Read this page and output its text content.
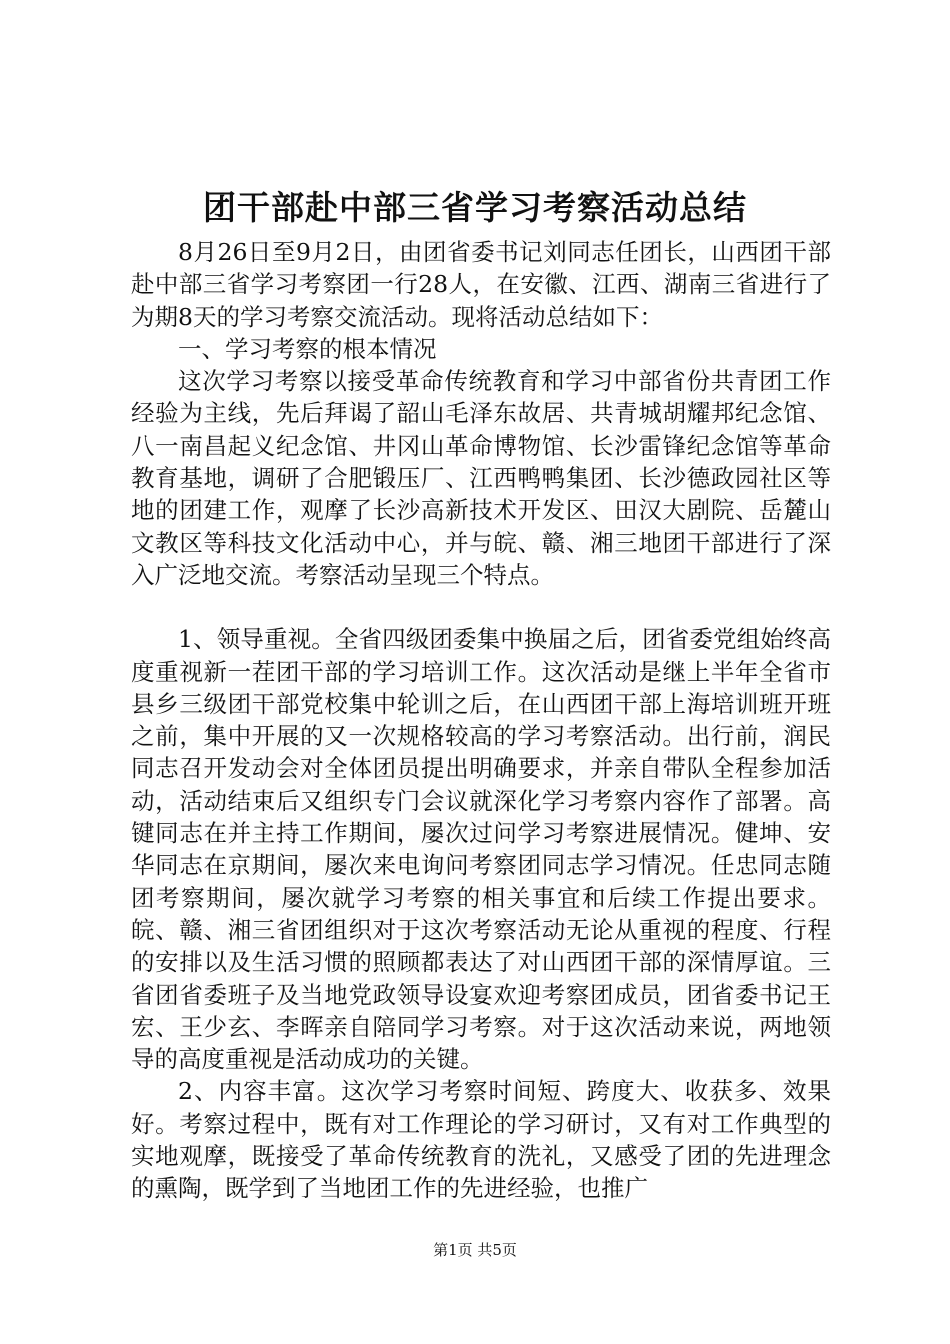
团干部赴中部三省学习考察活动总结

8月26日至9月2日，由团省委书记刘同志任团长，山西团干部赴中部三省学习考察团一行28人，在安徽、江西、湖南三省进行了为期8天的学习考察交流活动。现将活动总结如下：

一、学习考察的根本情况

这次学习考察以接受革命传统教育和学习中部省份共青团工作经验为主线，先后拜谒了韶山毛泽东故居、共青城胡耀邦纪念馆、八一南昌起义纪念馆、井冈山革命博物馆、长沙雷锋纪念馆等革命教育基地，调研了合肥锻压厂、江西鸭鸭集团、长沙德政园社区等地的团建工作，观摩了长沙高新技术开发区、田汉大剧院、岳麓山文教区等科技文化活动中心，并与皖、赣、湘三地团干部进行了深入广泛地交流。考察活动呈现三个特点。

1、领导重视。全省四级团委集中换届之后，团省委党组始终高度重视新一茬团干部的学习培训工作。这次活动是继上半年全省市县乡三级团干部党校集中轮训之后，在山西团干部上海培训班开班之前，集中开展的又一次规格较高的学习考察活动。出行前，润民同志召开发动会对全体团员提出明确要求，并亲自带队全程参加活动，活动结束后又组织专门会议就深化学习考察内容作了部署。高键同志在并主持工作期间，屡次过问学习考察进展情况。健坤、安华同志在京期间，屡次来电询问考察团同志学习情况。任忠同志随团考察期间，屡次就学习考察的相关事宜和后续工作提出要求。皖、赣、湘三省团组织对于这次考察活动无论从重视的程度、行程的安排以及生活习惯的照顾都表达了对山西团干部的深情厚谊。三省团省委班子及当地党政领导设宴欢迎考察团成员，团省委书记王宏、王少玄、李晖亲自陪同学习考察。对于这次活动来说，两地领导的高度重视是活动成功的关键。

2、内容丰富。这次学习考察时间短、跨度大、收获多、效果好。考察过程中，既有对工作理论的学习研讨，又有对工作典型的实地观摩，既接受了革命传统教育的洗礼，又感受了团的先进理念的熏陶，既学到了当地团工作的先进经验，也推广

第1页 共5页
